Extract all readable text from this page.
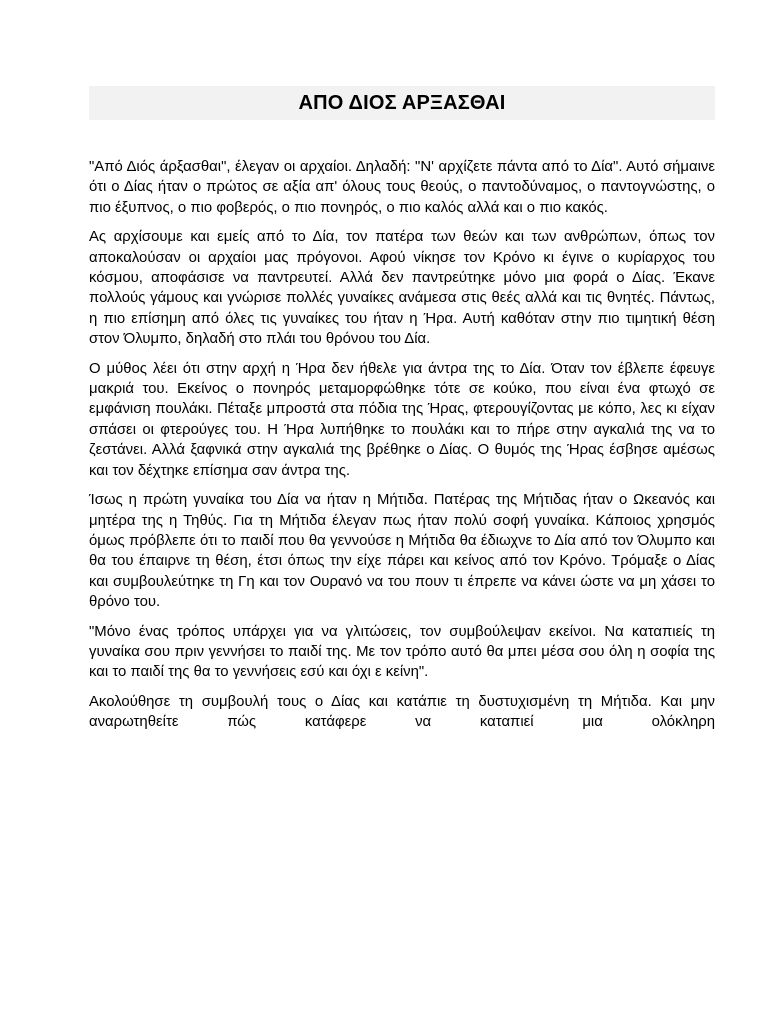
ΑΠΟ ΔΙΟΣ ΑΡΞΑΣΘΑΙ

"Από Διός άρξασθαι", έλεγαν οι αρχαίοι. Δηλαδή: "Ν' αρχίζετε πάντα από το Δία". Αυτό σήμαινε ότι ο Δίας ήταν ο πρώτος σε αξία απ' όλους τους θεούς, ο παντοδύναμος, ο παντογνώστης, ο πιο έξυπνος, ο πιο φοβερός, ο πιο πονηρός, ο πιο καλός αλλά και ο πιο κακός.

Ας αρχίσουμε και εμείς από το Δία, τον πατέρα των θεών και των ανθρώπων, όπως τον αποκαλούσαν οι αρχαίοι μας πρόγονοι. Αφού νίκησε τον Κρόνο κι έγινε ο κυρίαρχος του κόσμου, αποφάσισε να παντρευτεί. Αλλά δεν παντρεύτηκε μόνο μια φορά ο Δίας. Έκανε πολλούς γάμους και γνώρισε πολλές γυναίκες ανάμεσα στις θεές αλλά και τις θνητές. Πάντως, η πιο επίσημη από όλες τις γυναίκες του ήταν η Ήρα. Αυτή καθόταν στην πιο τιμητική θέση στον Όλυμπο, δηλαδή στο πλάι του θρόνου του Δία.

Ο μύθος λέει ότι στην αρχή η Ήρα δεν ήθελε για άντρα της το Δία. Όταν τον έβλεπε έφευγε μακριά του. Εκείνος ο πονηρός μεταμορφώθηκε τότε σε κούκο, που είναι ένα φτωχό σε εμφάνιση πουλάκι. Πέταξε μπροστά στα πόδια της Ήρας, φτερουγίζοντας με κόπο, λες κι είχαν σπάσει οι φτερούγες του. Η Ήρα λυπήθηκε το πουλάκι και το πήρε στην αγκαλιά της να το ζεστάνει. Αλλά ξαφνικά στην αγκαλιά της βρέθηκε ο Δίας. Ο θυμός της Ήρας έσβησε αμέσως και τον δέχτηκε επίσημα σαν άντρα της.

Ίσως η πρώτη γυναίκα του Δία να ήταν η Μήτιδα. Πατέρας της Μήτιδας ήταν ο Ωκεανός και μητέρα της η Τηθύς. Για τη Μήτιδα έλεγαν πως ήταν πολύ σοφή γυναίκα. Κάποιος χρησμός όμως πρόβλεπε ότι το παιδί που θα γεννούσε η Μήτιδα θα έδιωχνε το Δία από τον Όλυμπο και θα του έπαιρνε τη θέση, έτσι όπως την είχε πάρει και κείνος από τον Κρόνο. Τρόμαξε ο Δίας και συμβουλεύτηκε τη Γη και τον Ουρανό να του πουν τι έπρεπε να κάνει ώστε να μη χάσει το θρόνο του.

"Μόνο ένας τρόπος υπάρχει για να γλιτώσεις, τον συμβούλεψαν εκείνοι. Να καταπιείς τη γυναίκα σου πριν γεννήσει το παιδί της. Με τον τρόπο αυτό θα μπει μέσα σου όλη η σοφία της και το παιδί της θα το γεννήσεις εσύ και όχι ε κείνη".

Ακολούθησε τη συμβουλή τους ο Δίας και κατάπιε τη δυστυχισμένη τη Μήτιδα. Και μην αναρωτηθείτε πώς κατάφερε να καταπιεί μια ολόκληρη
